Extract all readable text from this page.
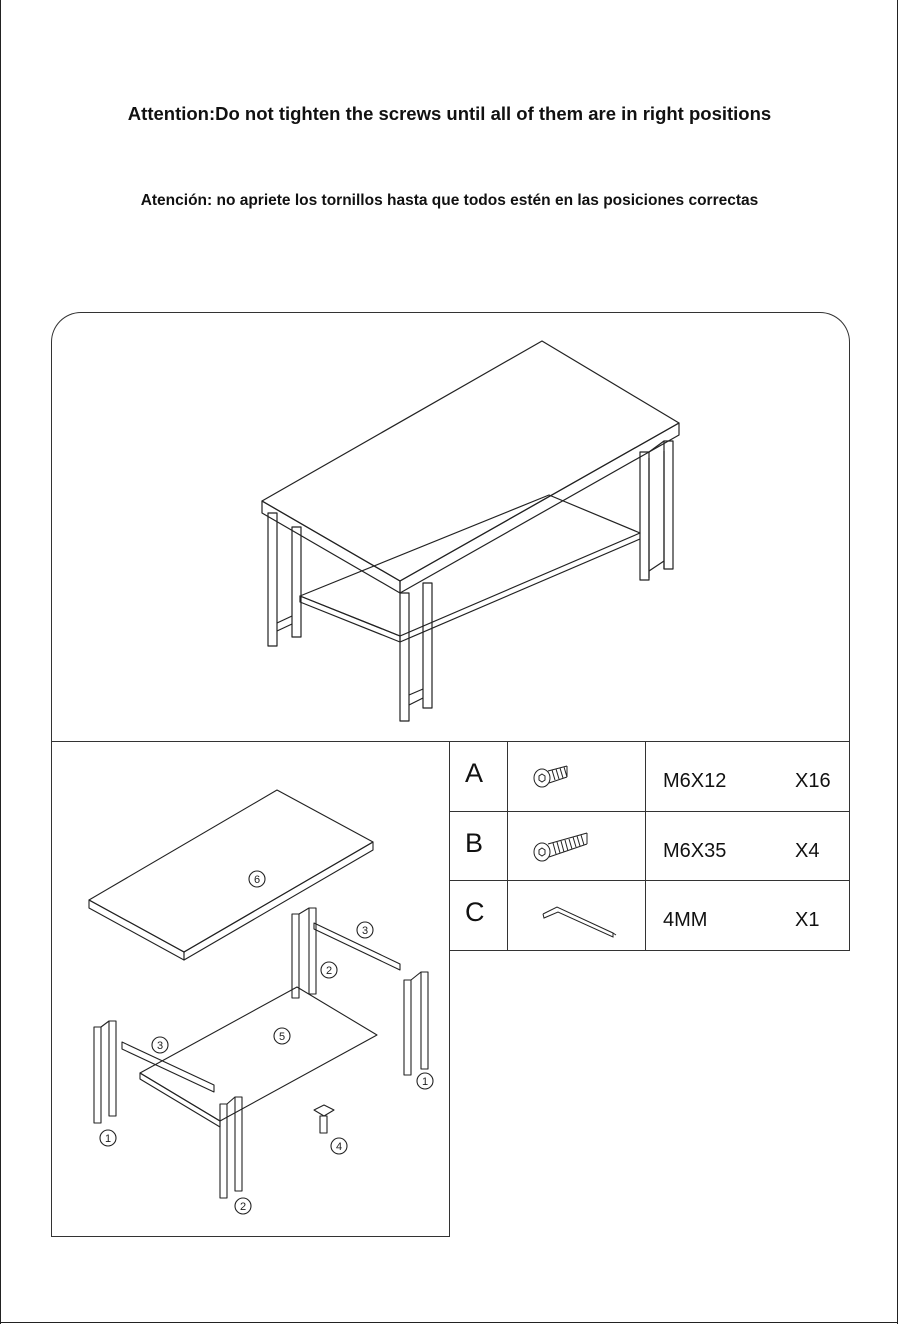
Attention:Do not tighten the screws until all of them are in right positions

Atención: no apriete los tornillos hasta que todos estén en las posiciones correctas

1
1
2
2
3
3
4
5
6
A	M6X12	X16
B	M6X35	X4
C	4MM	X1
